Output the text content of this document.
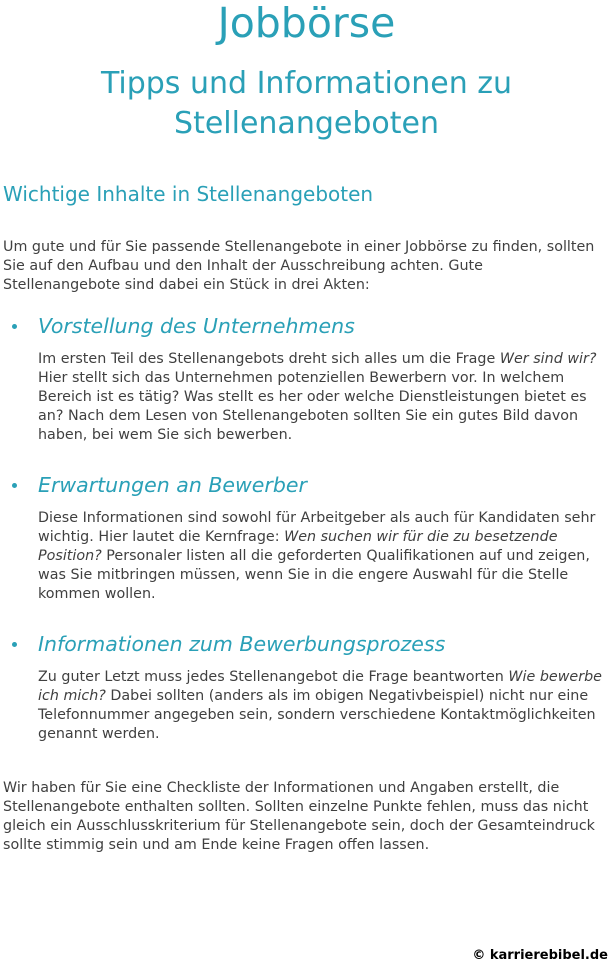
Jobbörse
Tipps und Informationen zu
Stellenangeboten
Wichtige Inhalte in Stellenangeboten

Um gute und für Sie passende Stellenangebote in einer Jobbörse zu finden, sollten Sie auf den Aufbau und den Inhalt der Ausschreibung achten. Gute Stellenangebote sind dabei ein Stück in drei Akten:

Vorstellung des Unternehmens

Im ersten Teil des Stellenangebots dreht sich alles um die Frage Wer sind wir? Hier stellt sich das Unternehmen potenziellen Bewerbern vor. In welchem Bereich ist es tätig? Was stellt es her oder welche Dienstleistungen bietet es an? Nach dem Lesen von Stellenangeboten sollten Sie ein gutes Bild davon haben, bei wem Sie sich bewerben.

Erwartungen an Bewerber

Diese Informationen sind sowohl für Arbeitgeber als auch für Kandidaten sehr wichtig. Hier lautet die Kernfrage: Wen suchen wir für die zu besetzende Position? Personaler listen all die geforderten Qualifikationen auf und zeigen, was Sie mitbringen müssen, wenn Sie in die engere Auswahl für die Stelle kommen wollen.

Informationen zum Bewerbungsprozess

Zu guter Letzt muss jedes Stellenangebot die Frage beantworten Wie bewerbe ich mich? Dabei sollten (anders als im obigen Negativbeispiel) nicht nur eine Telefonnummer angegeben sein, sondern verschiedene Kontaktmöglichkeiten genannt werden.

Wir haben für Sie eine Checkliste der Informationen und Angaben erstellt, die Stellenangebote enthalten sollten. Sollten einzelne Punkte fehlen, muss das nicht gleich ein Ausschlusskriterium für Stellenangebote sein, doch der Gesamteindruck sollte stimmig sein und am Ende keine Fragen offen lassen.

© karrierebibel.de
